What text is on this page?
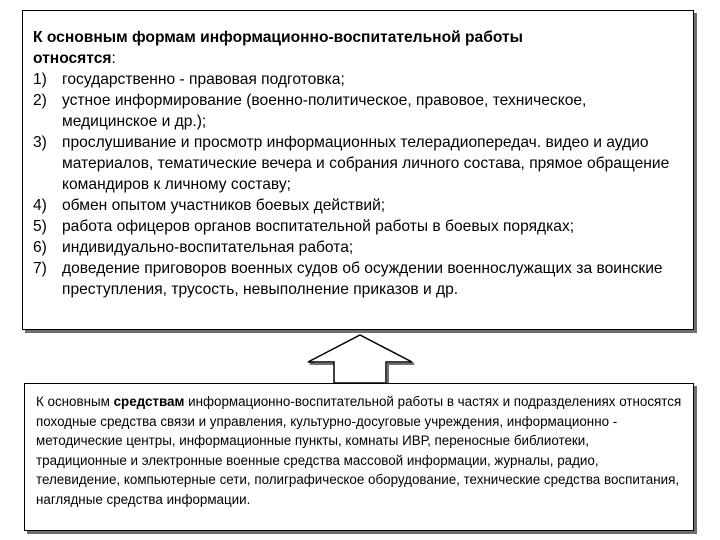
К основным формам информационно-воспитательной работы
относятся:

1) государственно - правовая подготовка;
2) устное информирование (военно-политическое, правовое, техническое, медицинское и др.);
3) прослушивание и просмотр информационных телерадиопередач. видео и аудио материалов, тематические вечера и собрания личного состава, прямое обращение командиров к личному составу;
4) обмен опытом участников боевых действий;
5) работа офицеров органов воспитательной работы в боевых порядках;
6) индивидуально-воспитательная работа;
7) доведение приговоров военных судов об осуждении военнослужащих за воинские преступления, трусость, невыполнение приказов и др.

К основным средствам информационно-воспитательной работы в частях и подразделениях относятся походные средства связи и управления, культурно-досуговые учреждения, информационно - методические центры, информационные пункты, комнаты ИВР, переносные библиотеки, традиционные и электронные военные средства массовой информации, журналы, радио, телевидение, компьютерные сети, полиграфическое оборудование, технические средства воспитания, наглядные средства информации.
